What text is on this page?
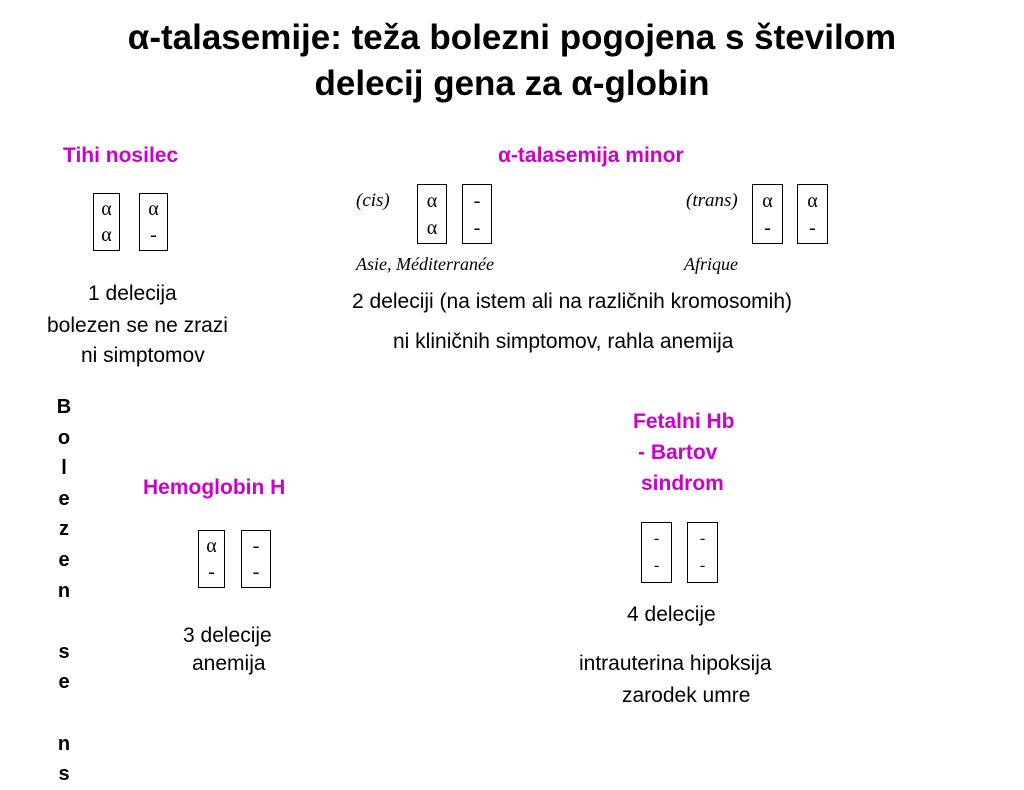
α-talasemije: teža bolezni pogojena s številom
delecij gena za α-globin
Tihi nosilec
α
α
α
-
1 delecija
bolezen se ne zrazi
ni simptomov
α-talasemija minor
(cis) α
α
-
-
Asie, Méditerranée
(trans) α
-
α
-
Afrique
2 deleciji (na istem ali na različnih kromosomih)
ni kliničnih simptomov, rahla anemija
B
o
l
e
z
e
n
s
e
n
s
Hemoglobin H
α
-
-
-
3 delecije
anemija
Fetalni Hb
- Bartov
sindrom
-
-
-
-
4 delecije
intrauterina hipoksija
zarodek umre
